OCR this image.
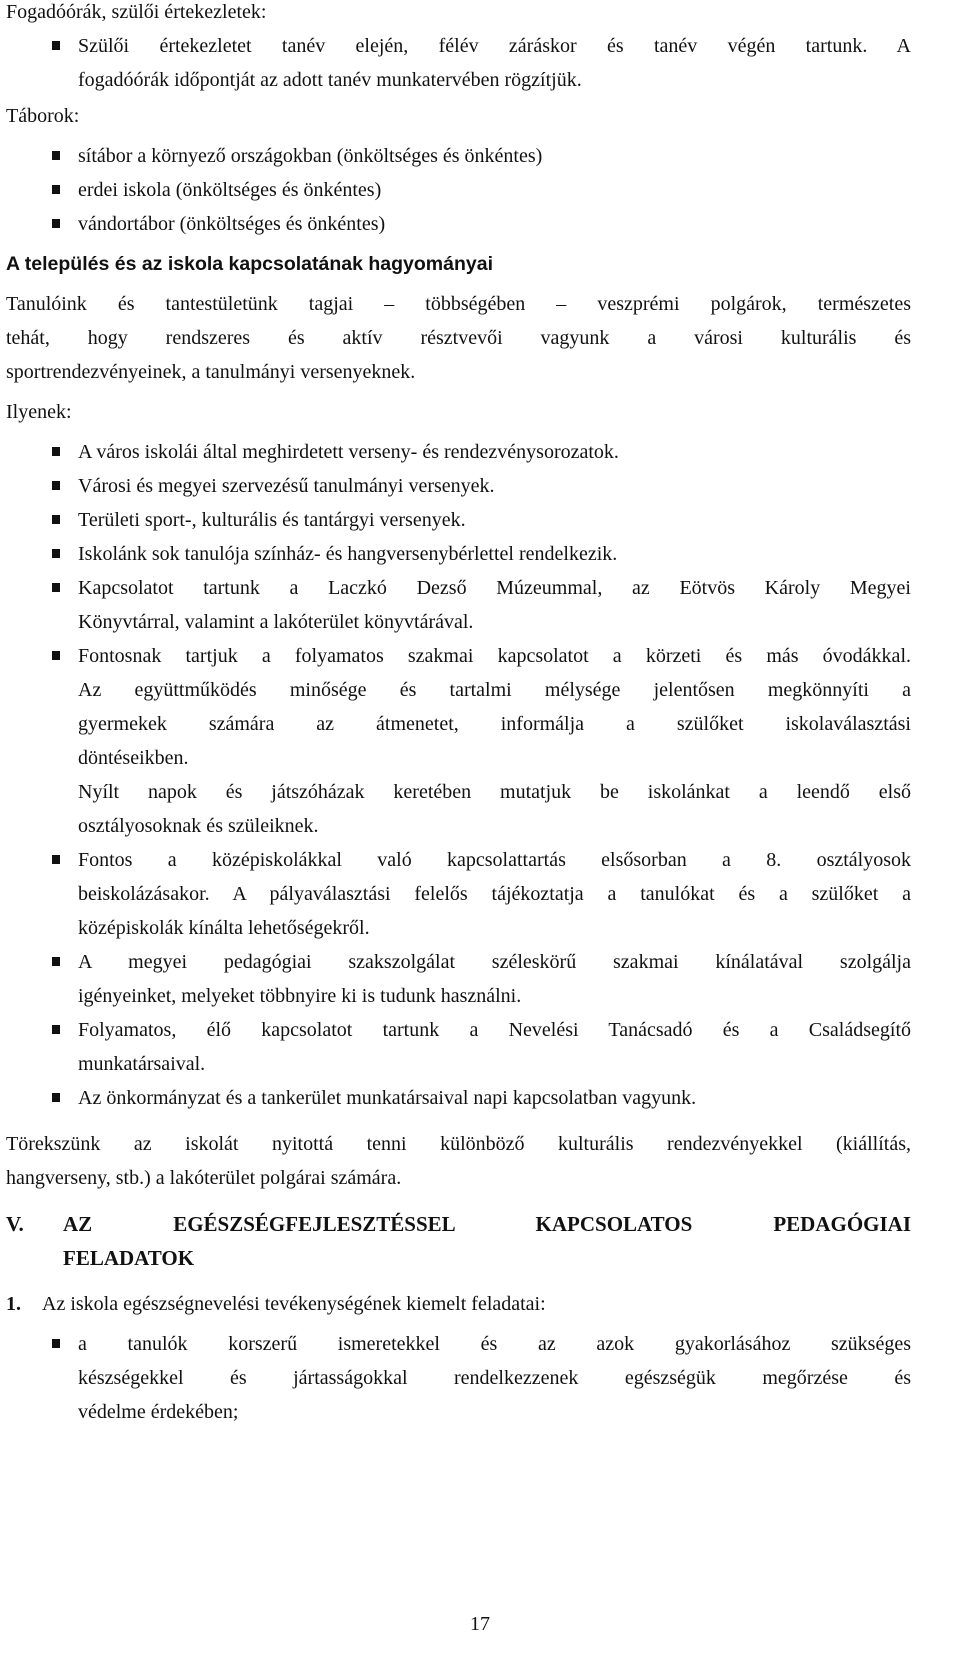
Fogadóórák, szülői értekezletek:

Szülői értekezletet tanév elején, félév záráskor és tanév végén tartunk. A
fogadóórák időpontját az adott tanév munkatervében rögzítjük.

Táborok:

sítábor a környező országokban (önköltséges és önkéntes)
erdei iskola (önköltséges és önkéntes)
vándortábor (önköltséges és önkéntes)

A település és az iskola kapcsolatának hagyományai

Tanulóink és tantestületünk tagjai – többségében – veszprémi polgárok, természetes
tehát, hogy rendszeres és aktív résztvevői vagyunk a városi kulturális és
sportrendezvényeinek, a tanulmányi versenyeknek.

Ilyenek:

A város iskolái által meghirdetett verseny- és rendezvénysorozatok.
Városi és megyei szervezésű tanulmányi versenyek.
Területi sport-, kulturális és tantárgyi versenyek.
Iskolánk sok tanulója színház- és hangversenybérlettel rendelkezik.
Kapcsolatot tartunk a Laczkó Dezső Múzeummal, az Eötvös Károly Megyei
Könyvtárral, valamint a lakóterület könyvtárával.
Fontosnak tartjuk a folyamatos szakmai kapcsolatot a körzeti és más óvodákkal.
Az együttműködés minősége és tartalmi mélysége jelentősen megkönnyíti a
gyermekek számára az átmenetet, informálja a szülőket iskolaválasztási
döntéseikben.
Nyílt napok és játszóházak keretében mutatjuk be iskolánkat a leendő első
osztályosoknak és szüleiknek.
Fontos a középiskolákkal való kapcsolattartás elsősorban a 8. osztályosok
beiskolázásakor. A pályaválasztási felelős tájékoztatja a tanulókat és a szülőket a
középiskolák kínálta lehetőségekről.
A megyei pedagógiai szakszolgálat széleskörű szakmai kínálatával szolgálja
igényeinket, melyeket többnyire ki is tudunk használni.
Folyamatos, élő kapcsolatot tartunk a Nevelési Tanácsadó és a Családsegítő
munkatársaival.
Az önkormányzat és a tankerület munkatársaival napi kapcsolatban vagyunk.
Törekszünk az iskolát nyitottá tenni különböző kulturális rendezvényekkel (kiállítás,
hangverseny, stb.) a lakóterület polgárai számára.
V.	AZ EGÉSZSÉGFEJLESZTÉSSEL KAPCSOLATOS PEDAGÓGIAI
FELADATOK
1.	Az iskola egészségnevelési tevékenységének kiemelt feladatai:
a tanulók korszerű ismeretekkel és az azok gyakorlásához szükséges
készségekkel és jártasságokkal rendelkezzenek egészségük megőrzése és
védelme érdekében;
17
